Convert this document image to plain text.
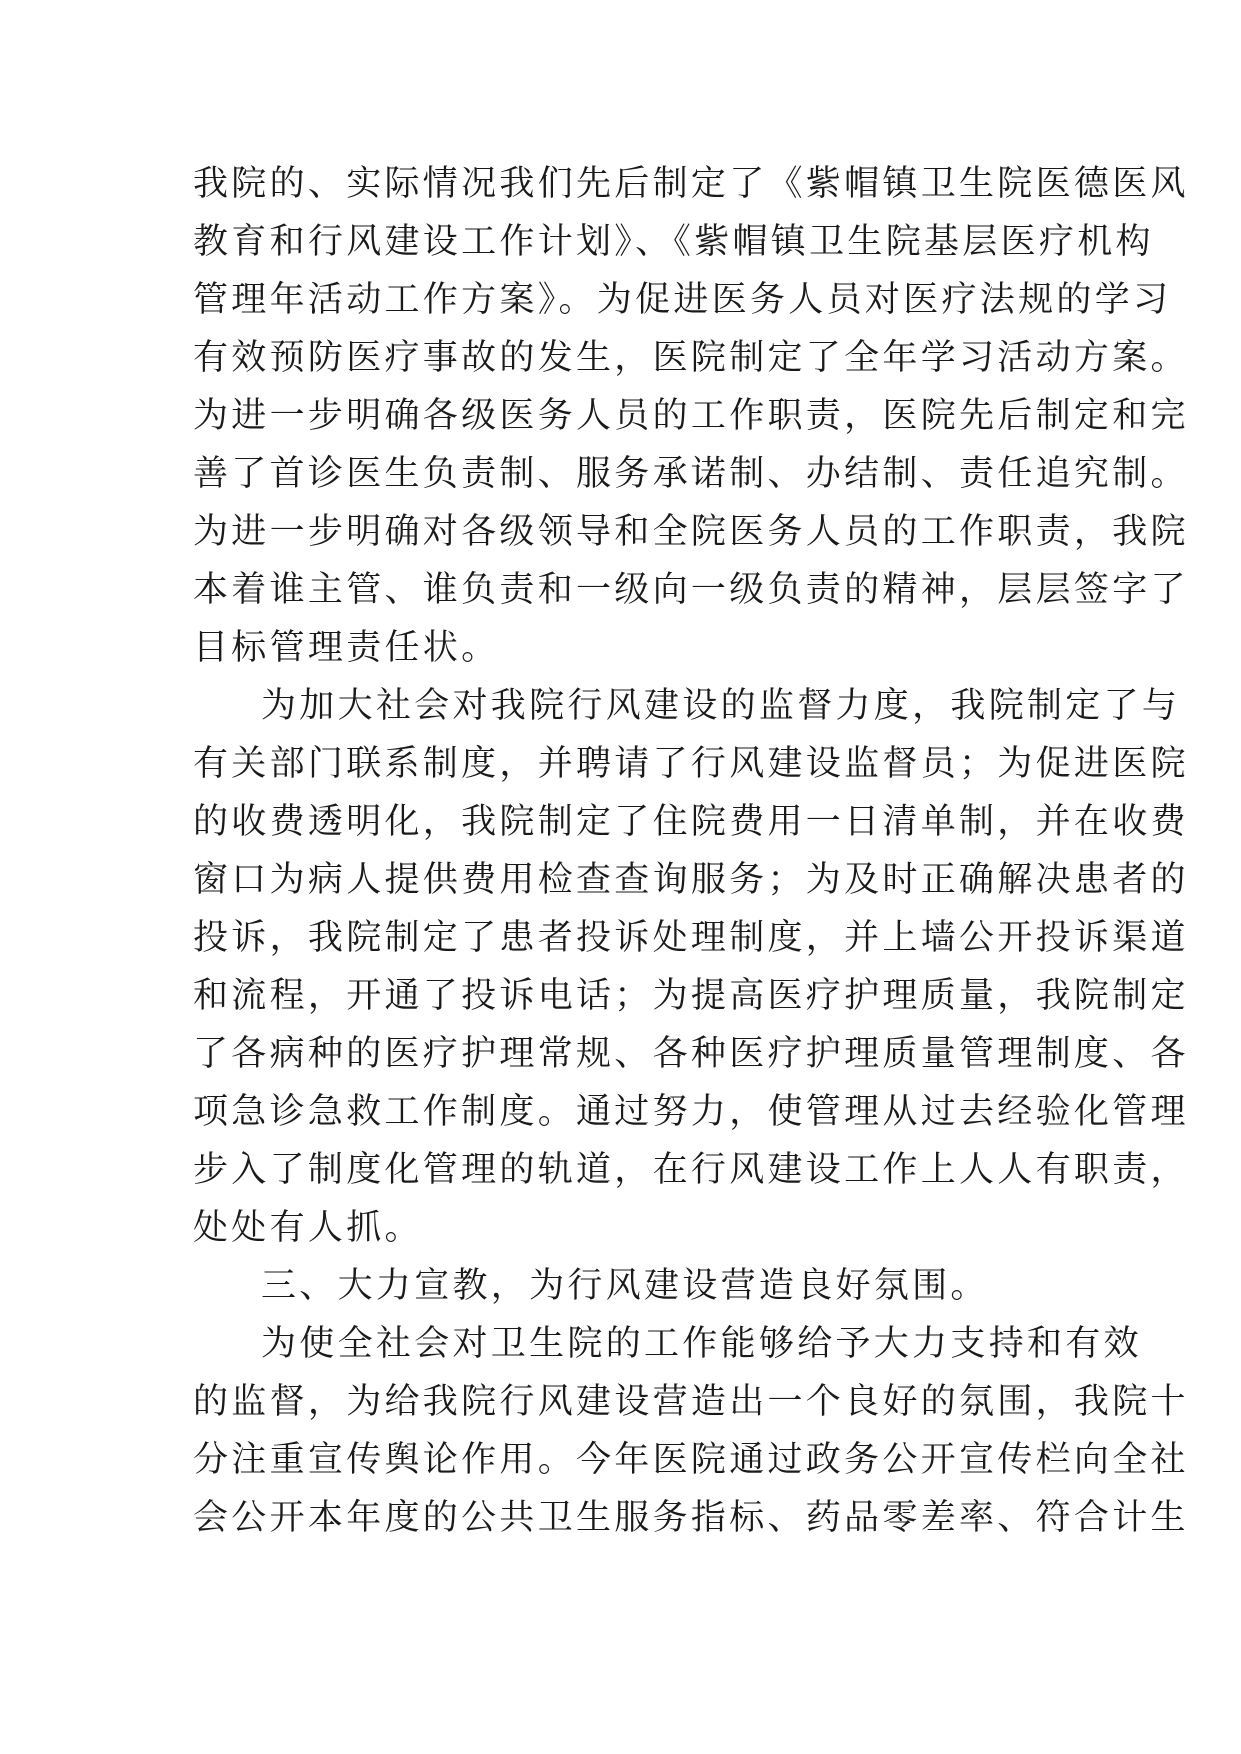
我院的、实际情况我们先后制定了《紫帽镇卫生院医德医风
教育和行风建设工作计划》、《紫帽镇卫生院基层医疗机构
管理年活动工作方案》。为促进医务人员对医疗法规的学习
有效预防医疗事故的发生，医院制定了全年学习活动方案。
为进一步明确各级医务人员的工作职责，医院先后制定和完
善了首诊医生负责制、服务承诺制、办结制、责任追究制。
为进一步明确对各级领导和全院医务人员的工作职责，我院
本着谁主管、谁负责和一级向一级负责的精神，层层签字了
目标管理责任状。
为加大社会对我院行风建设的监督力度，我院制定了与
有关部门联系制度，并聘请了行风建设监督员；为促进医院
的收费透明化，我院制定了住院费用一日清单制，并在收费
窗口为病人提供费用检查查询服务；为及时正确解决患者的
投诉，我院制定了患者投诉处理制度，并上墙公开投诉渠道
和流程，开通了投诉电话；为提高医疗护理质量，我院制定
了各病种的医疗护理常规、各种医疗护理质量管理制度、各
项急诊急救工作制度。通过努力，使管理从过去经验化管理
步入了制度化管理的轨道，在行风建设工作上人人有职责，
处处有人抓。
三、大力宣教，为行风建设营造良好氛围。
为使全社会对卫生院的工作能够给予大力支持和有效
的监督，为给我院行风建设营造出一个良好的氛围，我院十
分注重宣传舆论作用。今年医院通过政务公开宣传栏向全社
会公开本年度的公共卫生服务指标、药品零差率、符合计生
